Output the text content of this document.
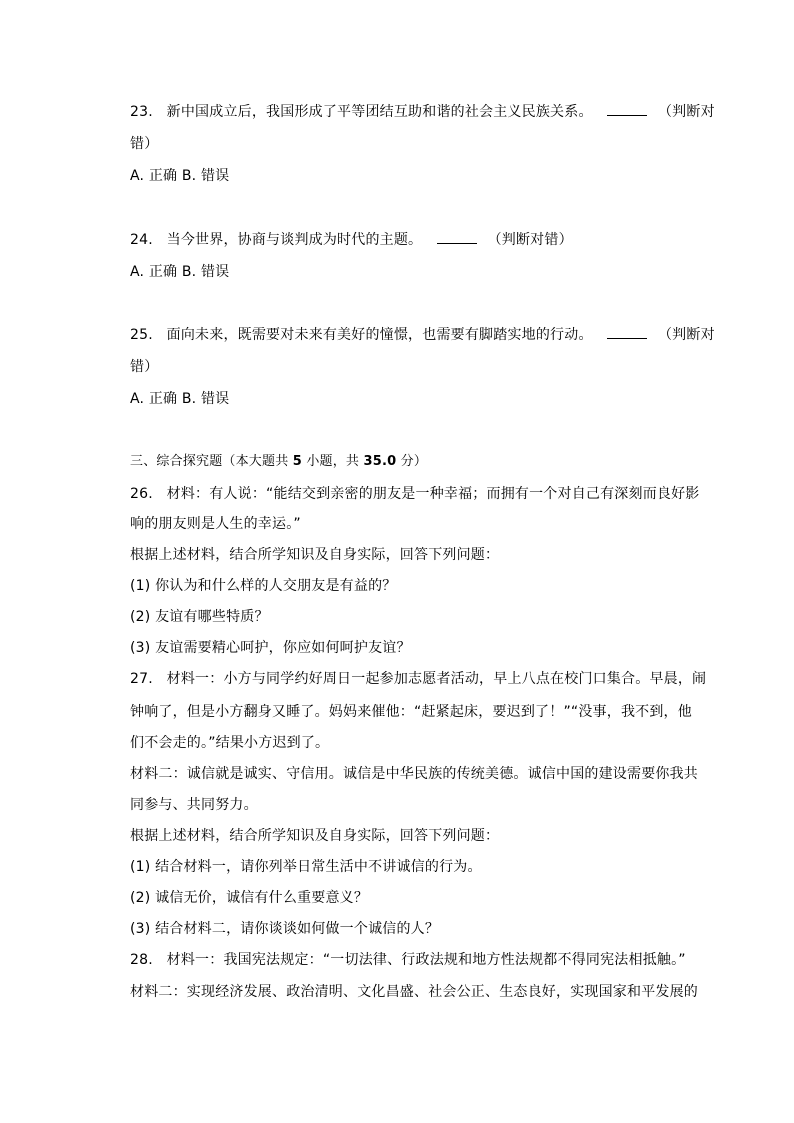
23. 新中国成立后，我国形成了平等团结互助和谐的社会主义民族关系。	（判断对
错）
A. 正确 B. 错误
24. 当今世界，协商与谈判成为时代的主题。	（判断对错）
A. 正确 B. 错误
25. 面向未来，既需要对未来有美好的憧憬，也需要有脚踏实地的行动。	（判断对
错）
A. 正确 B. 错误
三、综合探究题（本大题共 5 小题，共 35.0 分）
26. 材料：有人说：“能结交到亲密的朋友是一种幸福；而拥有一个对自己有深刻而良好影
响的朋友则是人生的幸运。”
根据上述材料，结合所学知识及自身实际，回答下列问题：
(1) 你认为和什么样的人交朋友是有益的？
(2) 友谊有哪些特质？
(3) 友谊需要精心呵护，你应如何呵护友谊？
27. 材料一：小方与同学约好周日一起参加志愿者活动，早上八点在校门口集合。早晨，闹
钟响了，但是小方翻身又睡了。妈妈来催他：“赶紧起床，要迟到了！”“没事，我不到，他
们不会走的。”结果小方迟到了。
材料二：诚信就是诚实、守信用。诚信是中华民族的传统美德。诚信中国的建设需要你我共
同参与、共同努力。
根据上述材料，结合所学知识及自身实际，回答下列问题：
(1) 结合材料一，请你列举日常生活中不讲诚信的行为。
(2) 诚信无价，诚信有什么重要意义？
(3) 结合材料二，请你谈谈如何做一个诚信的人？
28. 材料一：我国宪法规定：“一切法律、行政法规和地方性法规都不得同宪法相抵触。”
材料二：实现经济发展、政治清明、文化昌盛、社会公正、生态良好，实现国家和平发展的
